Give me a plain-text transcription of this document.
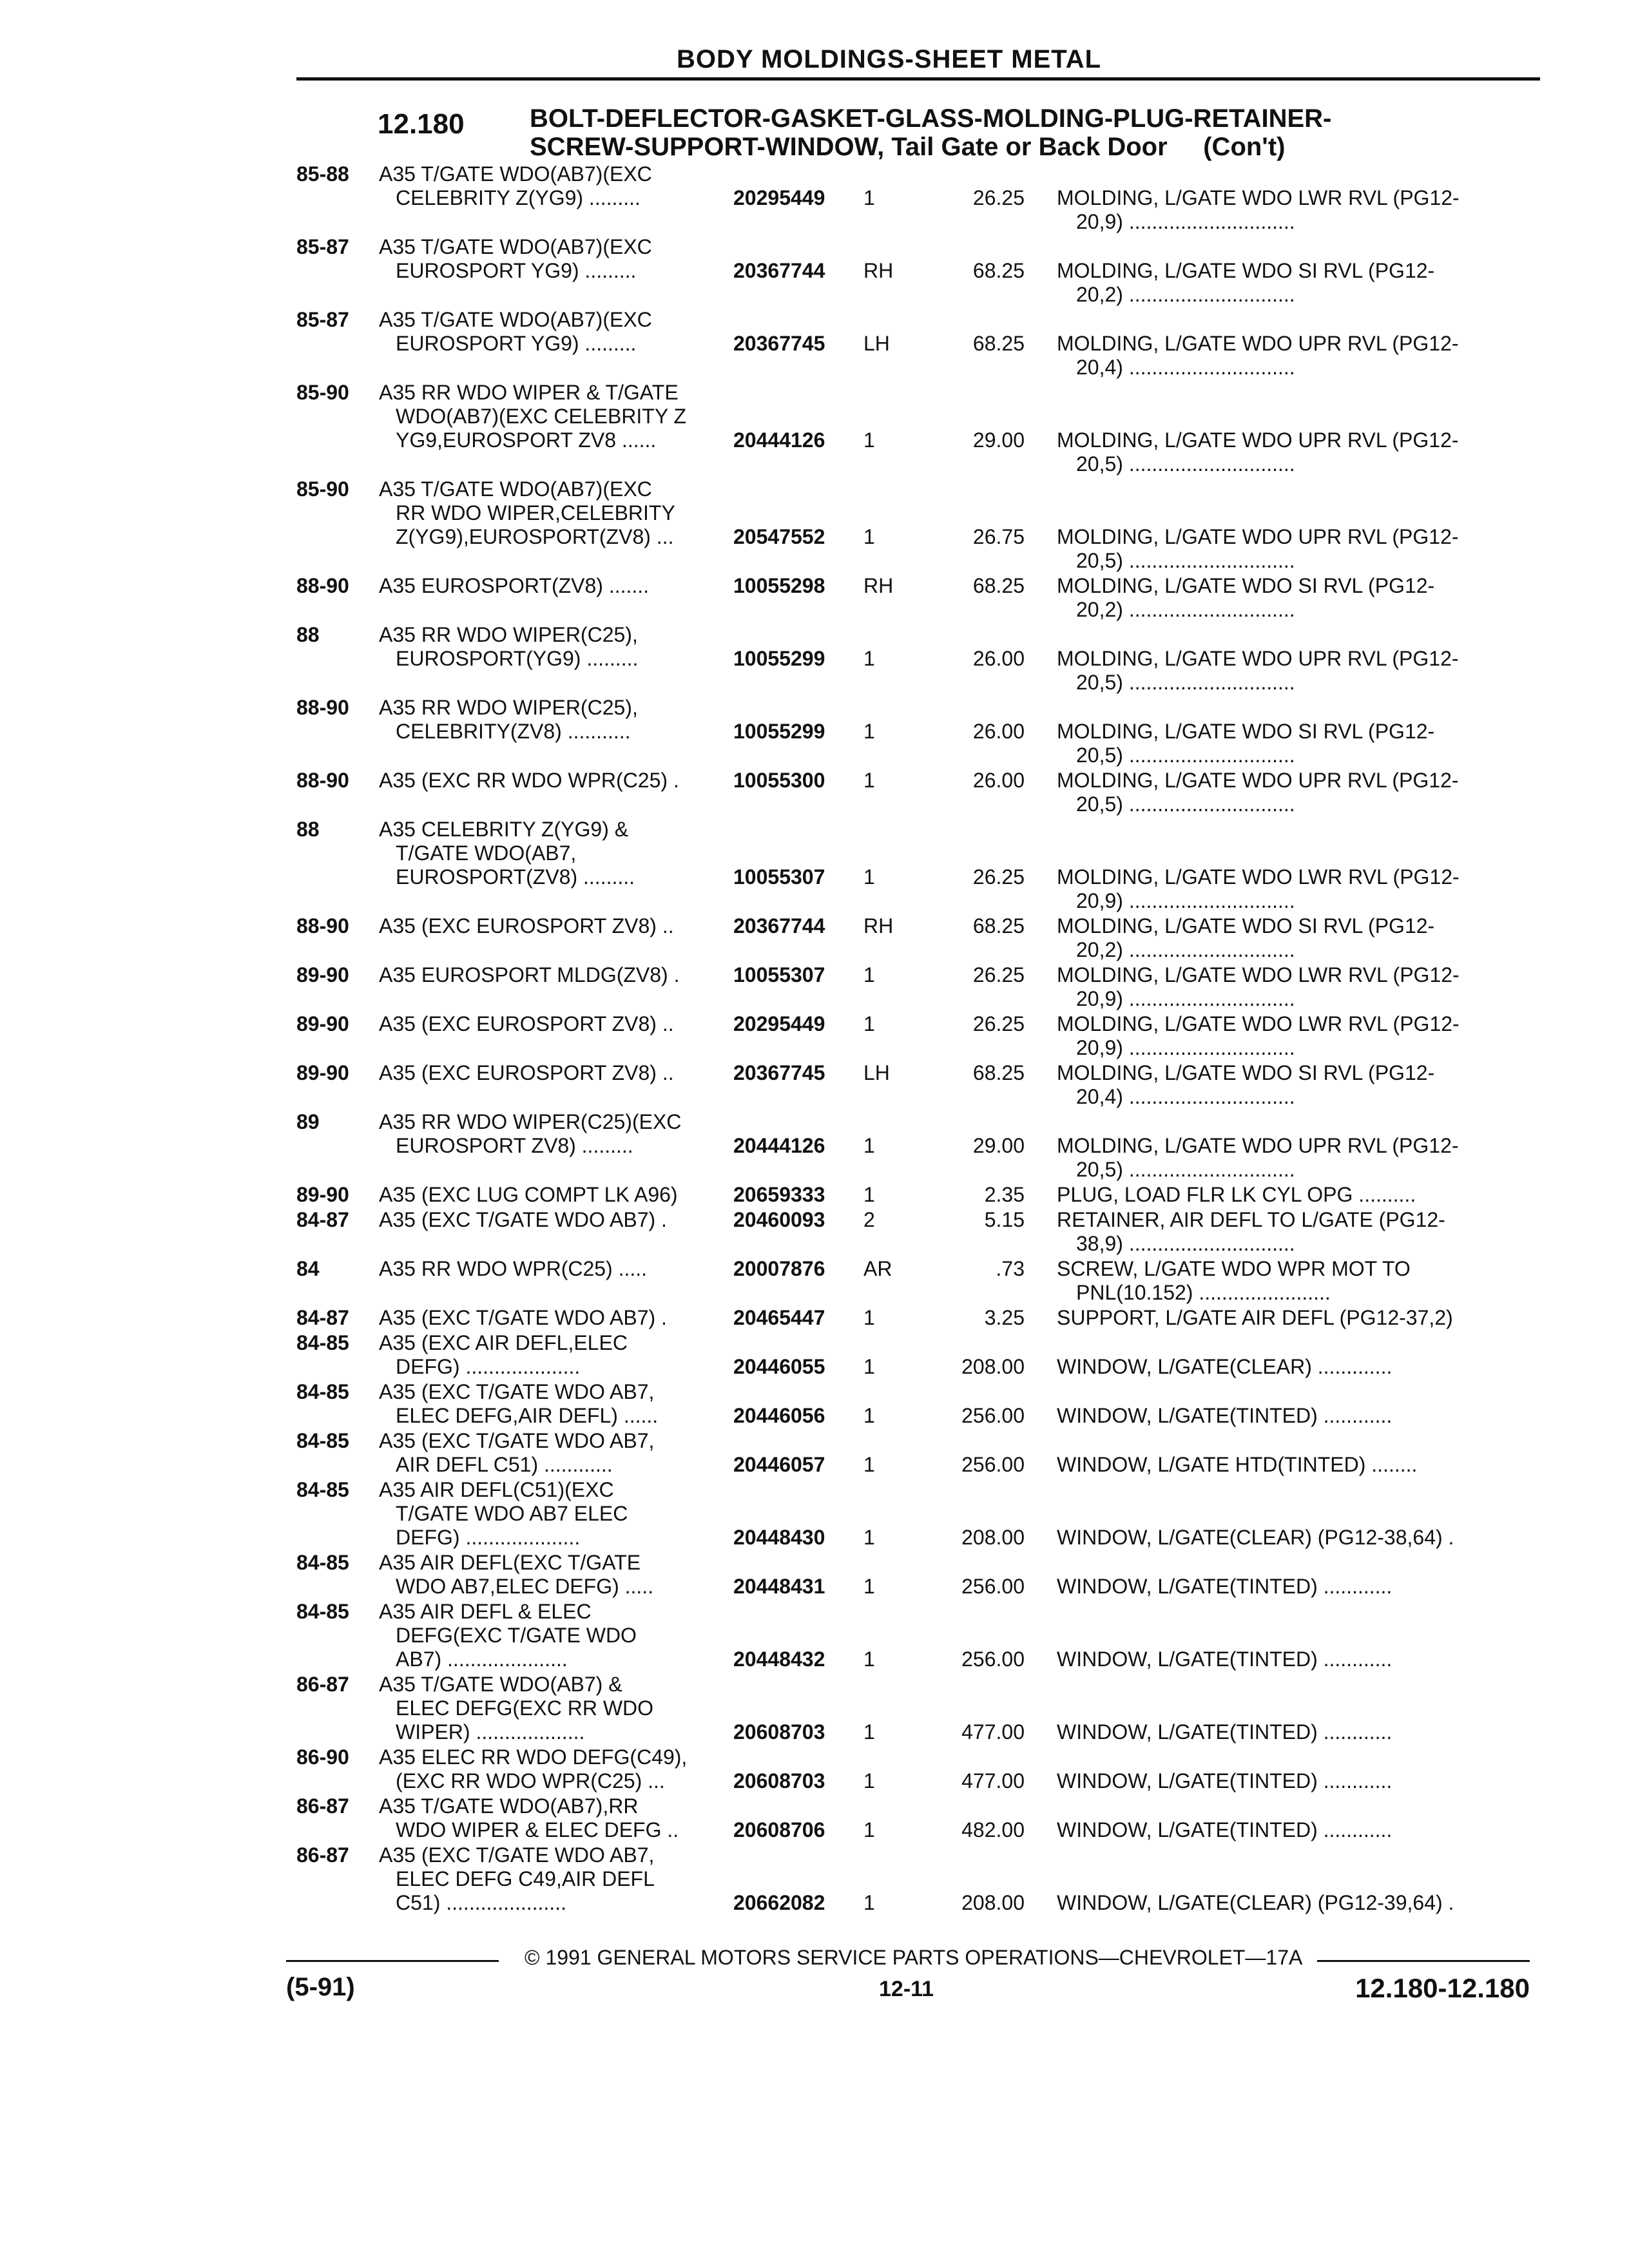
BODY MOLDINGS-SHEET METAL
12.180	BOLT-DEFLECTOR-GASKET-GLASS-MOLDING-PLUG-RETAINER-
SCREW-SUPPORT-WINDOW, Tail Gate or Back Door     (Con't)
85-88 A35 T/GATE WDO(AB7)(EXC
CELEBRITY Z(YG9) .........	20295449 1	26.25 MOLDING, L/GATE WDO LWR RVL (PG12-
20,9) .............................
85-87 A35 T/GATE WDO(AB7)(EXC
EUROSPORT YG9) .........	20367744 RH	68.25 MOLDING, L/GATE WDO SI RVL (PG12-
20,2) .............................
85-87 A35 T/GATE WDO(AB7)(EXC
EUROSPORT YG9) .........	20367745 LH	68.25 MOLDING, L/GATE WDO UPR RVL (PG12-
20,4) .............................
85-90 A35 RR WDO WIPER & T/GATE
WDO(AB7)(EXC CELEBRITY Z
YG9,EUROSPORT ZV8 ......	20444126 1	29.00 MOLDING, L/GATE WDO UPR RVL (PG12-
20,5) .............................
85-90 A35 T/GATE WDO(AB7)(EXC
RR WDO WIPER,CELEBRITY
Z(YG9),EUROSPORT(ZV8) ...	20547552 1	26.75 MOLDING, L/GATE WDO UPR RVL (PG12-
20,5) .............................
88-90 A35 EUROSPORT(ZV8) .......	10055298 RH	68.25 MOLDING, L/GATE WDO SI RVL (PG12-
20,2) .............................
88	A35 RR WDO WIPER(C25),
EUROSPORT(YG9) .........	10055299 1	26.00 MOLDING, L/GATE WDO UPR RVL (PG12-
20,5) .............................
88-90 A35 RR WDO WIPER(C25),
CELEBRITY(ZV8) ...........	10055299 1	26.00 MOLDING, L/GATE WDO SI RVL (PG12-
20,5) .............................
88-90 A35 (EXC RR WDO WPR(C25) .	10055300 1	26.00 MOLDING, L/GATE WDO UPR RVL (PG12-
20,5) .............................
88	A35 CELEBRITY Z(YG9) &
T/GATE WDO(AB7,
EUROSPORT(ZV8) .........	10055307 1	26.25 MOLDING, L/GATE WDO LWR RVL (PG12-
20,9) .............................
88-90 A35 (EXC EUROSPORT ZV8) ..	20367744 RH	68.25 MOLDING, L/GATE WDO SI RVL (PG12-
20,2) .............................
89-90 A35 EUROSPORT MLDG(ZV8) .	10055307 1	26.25 MOLDING, L/GATE WDO LWR RVL (PG12-
20,9) .............................
89-90 A35 (EXC EUROSPORT ZV8) ..	20295449 1	26.25 MOLDING, L/GATE WDO LWR RVL (PG12-
20,9) .............................
89-90 A35 (EXC EUROSPORT ZV8) ..	20367745 LH	68.25 MOLDING, L/GATE WDO SI RVL (PG12-
20,4) .............................
89	A35 RR WDO WIPER(C25)(EXC
EUROSPORT ZV8) .........	20444126 1	29.00 MOLDING, L/GATE WDO UPR RVL (PG12-
20,5) .............................
89-90 A35 (EXC LUG COMPT LK A96)	20659333 1	2.35 PLUG, LOAD FLR LK CYL OPG ..........
84-87 A35 (EXC T/GATE WDO AB7) .	20460093 2	5.15 RETAINER, AIR DEFL TO L/GATE (PG12-
38,9) .............................
84	A35 RR WDO WPR(C25) .....	20007876 AR	.73 SCREW, L/GATE WDO WPR MOT TO
PNL(10.152) .......................
84-87 A35 (EXC T/GATE WDO AB7) .	20465447 1	3.25 SUPPORT, L/GATE AIR DEFL (PG12-37,2)
84-85 A35 (EXC AIR DEFL,ELEC
DEFG) ....................	20446055 1	208.00 WINDOW, L/GATE(CLEAR) .............
84-85 A35 (EXC T/GATE WDO AB7,
ELEC DEFG,AIR DEFL) ......	20446056 1	256.00 WINDOW, L/GATE(TINTED) ............
84-85 A35 (EXC T/GATE WDO AB7,
AIR DEFL C51) ............	20446057 1	256.00 WINDOW, L/GATE HTD(TINTED) ........
84-85 A35 AIR DEFL(C51)(EXC
T/GATE WDO AB7 ELEC
DEFG) ....................	20448430 1	208.00 WINDOW, L/GATE(CLEAR) (PG12-38,64) .
84-85 A35 AIR DEFL(EXC T/GATE
WDO AB7,ELEC DEFG) .....	20448431 1	256.00 WINDOW, L/GATE(TINTED) ............
84-85 A35 AIR DEFL & ELEC
DEFG(EXC T/GATE WDO
AB7) .....................	20448432 1	256.00 WINDOW, L/GATE(TINTED) ............
86-87 A35 T/GATE WDO(AB7) &
ELEC DEFG(EXC RR WDO
WIPER) ...................	20608703 1	477.00 WINDOW, L/GATE(TINTED) ............
86-90 A35 ELEC RR WDO DEFG(C49),
(EXC RR WDO WPR(C25) ...	20608703 1	477.00 WINDOW, L/GATE(TINTED) ............
86-87 A35 T/GATE WDO(AB7),RR
WDO WIPER & ELEC DEFG ..	20608706 1	482.00 WINDOW, L/GATE(TINTED) ............
86-87 A35 (EXC T/GATE WDO AB7,
ELEC DEFG C49,AIR DEFL
C51) .....................	20662082 1	208.00 WINDOW, L/GATE(CLEAR) (PG12-39,64) .
© 1991 GENERAL MOTORS SERVICE PARTS OPERATIONS—CHEVROLET—17A
(5-91)	12-11	12.180-12.180
